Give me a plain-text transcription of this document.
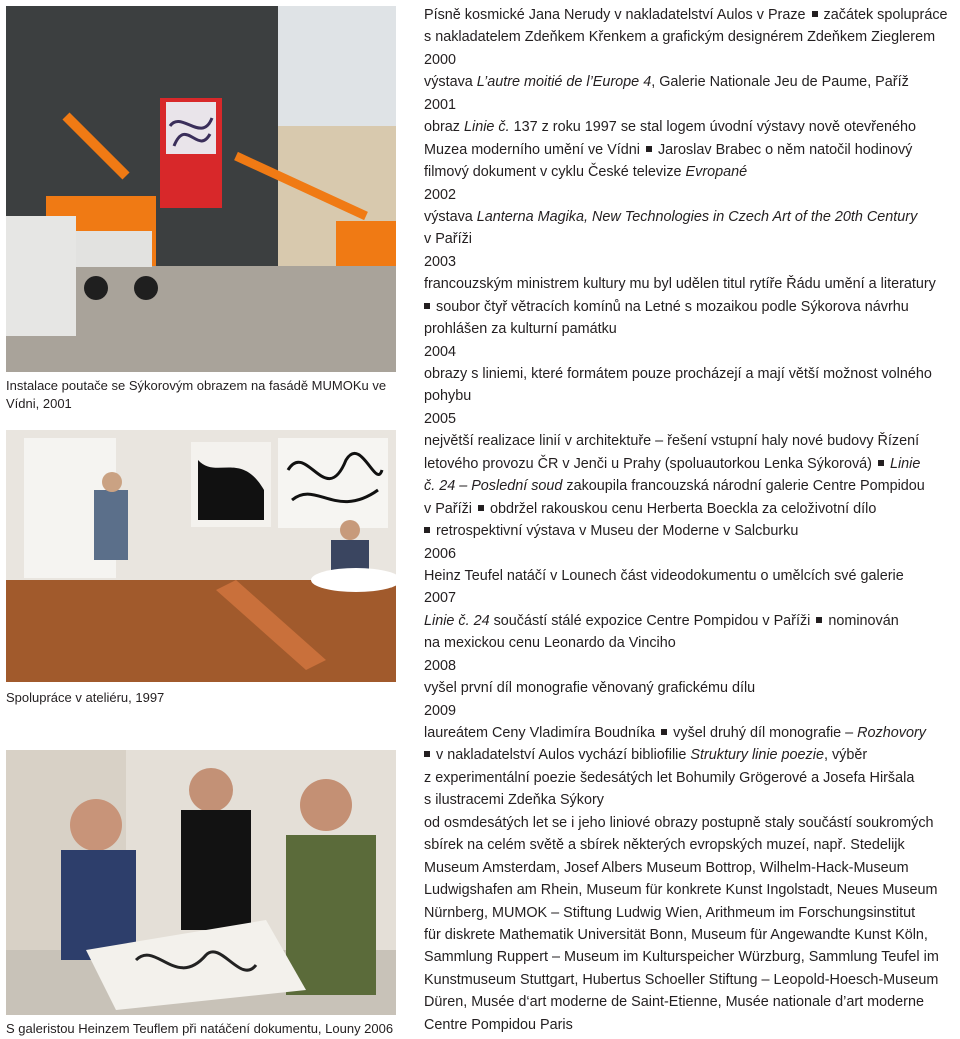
Instalace poutače se Sýkorovým obrazem na fasádě MUMOKu ve Vídni, 2001

Spolupráce v ateliéru, 1997

S galeristou Heinzem Teuflem při natáčení dokumentu, Louny 2006

Písně kosmické Jana Nerudy v nakladatelství Aulos v Praze začátek spolupráce
s nakladatelem Zdeňkem Křenkem a grafickým designérem Zdeňkem Zieglerem
2000
výstava L’autre moitié de l’Europe 4, Galerie Nationale Jeu de Paume, Paříž
2001
obraz Linie č. 137 z roku 1997 se stal logem úvodní výstavy nově otevřeného
Muzea moderního umění ve Vídni Jaroslav Brabec o něm natočil hodinový
filmový dokument v cyklu České televize Evropané
2002
výstava Lanterna Magika, New Technologies in Czech Art of the 20th Century
v Paříži
2003
francouzským ministrem kultury mu byl udělen titul rytíře Řádu umění a literatury
soubor čtyř větracích komínů na Letné s mozaikou podle Sýkorova návrhu
prohlášen za kulturní památku
2004
obrazy s liniemi, které formátem pouze procházejí a mají větší možnost volného
pohybu
2005
největší realizace linií v architektuře – řešení vstupní haly nové budovy Řízení
letového provozu ČR v Jenči u Prahy (spoluautorkou Lenka Sýkorová) Linie
č. 24 – Poslední soud zakoupila francouzská národní galerie Centre Pompidou
v Paříži obdržel rakouskou cenu Herberta Boeckla za celoživotní dílo
retrospektivní výstava v Museu der Moderne v Salcburku
2006
Heinz Teufel natáčí v Lounech část videodokumentu o umělcích své galerie
2007
Linie č. 24 součástí stálé expozice Centre Pompidou v Paříži nominován
na mexickou cenu Leonardo da Vinciho
2008
vyšel první díl monografie věnovaný grafickému dílu
2009
laureátem Ceny Vladimíra Boudníka vyšel druhý díl monografie – Rozhovory
v nakladatelství Aulos vychází bibliofilie Struktury linie poezie, výběr
z experimentální poezie šedesátých let Bohumily Grögerové a Josefa Hiršala
s ilustracemi Zdeňka Sýkory
od osmdesátých let se i jeho liniové obrazy postupně staly součástí soukromých
sbírek na celém světě a sbírek některých evropských muzeí, např. Stedelijk
Museum Amsterdam, Josef Albers Museum Bottrop, Wilhelm-Hack-Museum
Ludwigshafen am Rhein, Museum für konkrete Kunst Ingolstadt, Neues Museum
Nürnberg, MUMOK – Stiftung Ludwig Wien, Arithmeum im Forschungsinstitut
für diskrete Mathematik Universität Bonn, Museum für Angewandte Kunst Köln,
Sammlung Ruppert – Museum im Kulturspeicher Würzburg, Sammlung Teufel im
Kunstmuseum Stuttgart, Hubertus Schoeller Stiftung – Leopold-Hoesch-Museum
Düren, Musée d‘art moderne de Saint-Etienne, Musée nationale d’art moderne
Centre Pompidou Paris
